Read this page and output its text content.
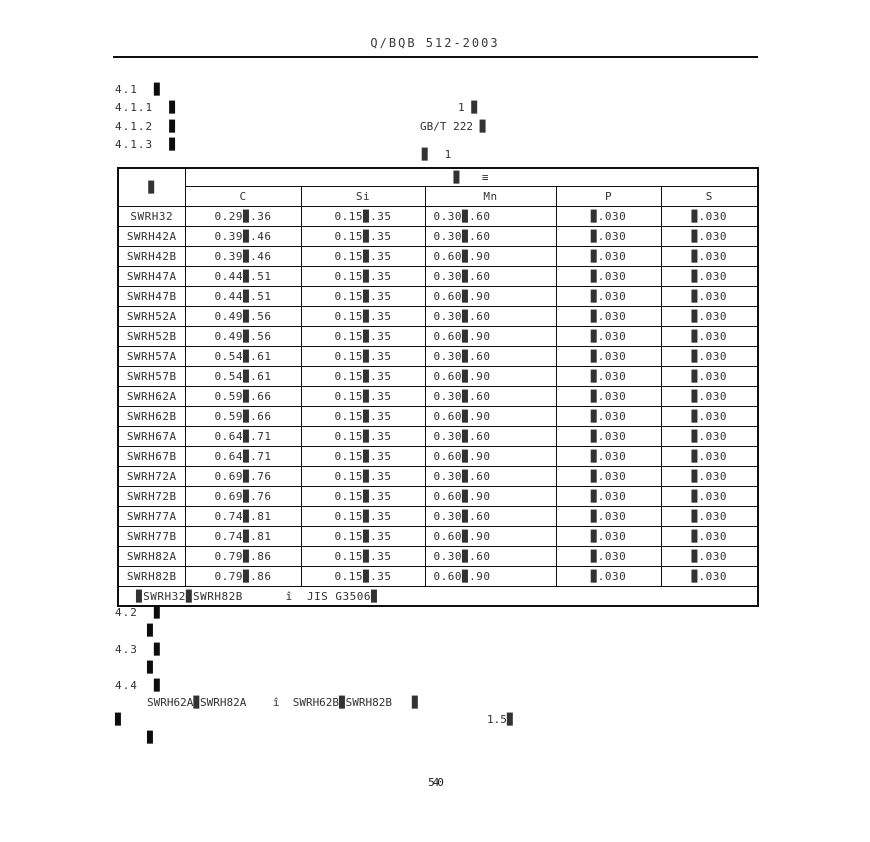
Q/BQB 512-2003
4.1 ▉
4.1.1 ▉	1 ▉
4.1.2 ▉	GB/T 222 ▉
4.1.3 ▉
▉  1
▉	▉   ≡				
	C	Si	Mn	P	S
SWRH32	0.29▉.36	0.15▉.35	0.30▉.60	▉.030	▉.030
SWRH42A	0.39▉.46	0.15▉.35	0.30▉.60	▉.030	▉.030
SWRH42B	0.39▉.46	0.15▉.35	0.60▉.90	▉.030	▉.030
SWRH47A	0.44▉.51	0.15▉.35	0.30▉.60	▉.030	▉.030
SWRH47B	0.44▉.51	0.15▉.35	0.60▉.90	▉.030	▉.030
SWRH52A	0.49▉.56	0.15▉.35	0.30▉.60	▉.030	▉.030
SWRH52B	0.49▉.56	0.15▉.35	0.60▉.90	▉.030	▉.030
SWRH57A	0.54▉.61	0.15▉.35	0.30▉.60	▉.030	▉.030
SWRH57B	0.54▉.61	0.15▉.35	0.60▉.90	▉.030	▉.030
SWRH62A	0.59▉.66	0.15▉.35	0.30▉.60	▉.030	▉.030
SWRH62B	0.59▉.66	0.15▉.35	0.60▉.90	▉.030	▉.030
SWRH67A	0.64▉.71	0.15▉.35	0.30▉.60	▉.030	▉.030
SWRH67B	0.64▉.71	0.15▉.35	0.60▉.90	▉.030	▉.030
SWRH72A	0.69▉.76	0.15▉.35	0.30▉.60	▉.030	▉.030
SWRH72B	0.69▉.76	0.15▉.35	0.60▉.90	▉.030	▉.030
SWRH77A	0.74▉.81	0.15▉.35	0.30▉.60	▉.030	▉.030
SWRH77B	0.74▉.81	0.15▉.35	0.60▉.90	▉.030	▉.030
SWRH82A	0.79▉.86	0.15▉.35	0.30▉.60	▉.030	▉.030
SWRH82B	0.79▉.86	0.15▉.35	0.60▉.90	▉.030	▉.030
▉SWRH32▉SWRH82B      î  JIS G3506▉					
4.2 ▉
▉
4.3 ▉
▉
4.4 ▉
SWRH62A▉SWRH82A    î  SWRH62B▉SWRH82B   ▉
▉	1.5▉
▉
540
